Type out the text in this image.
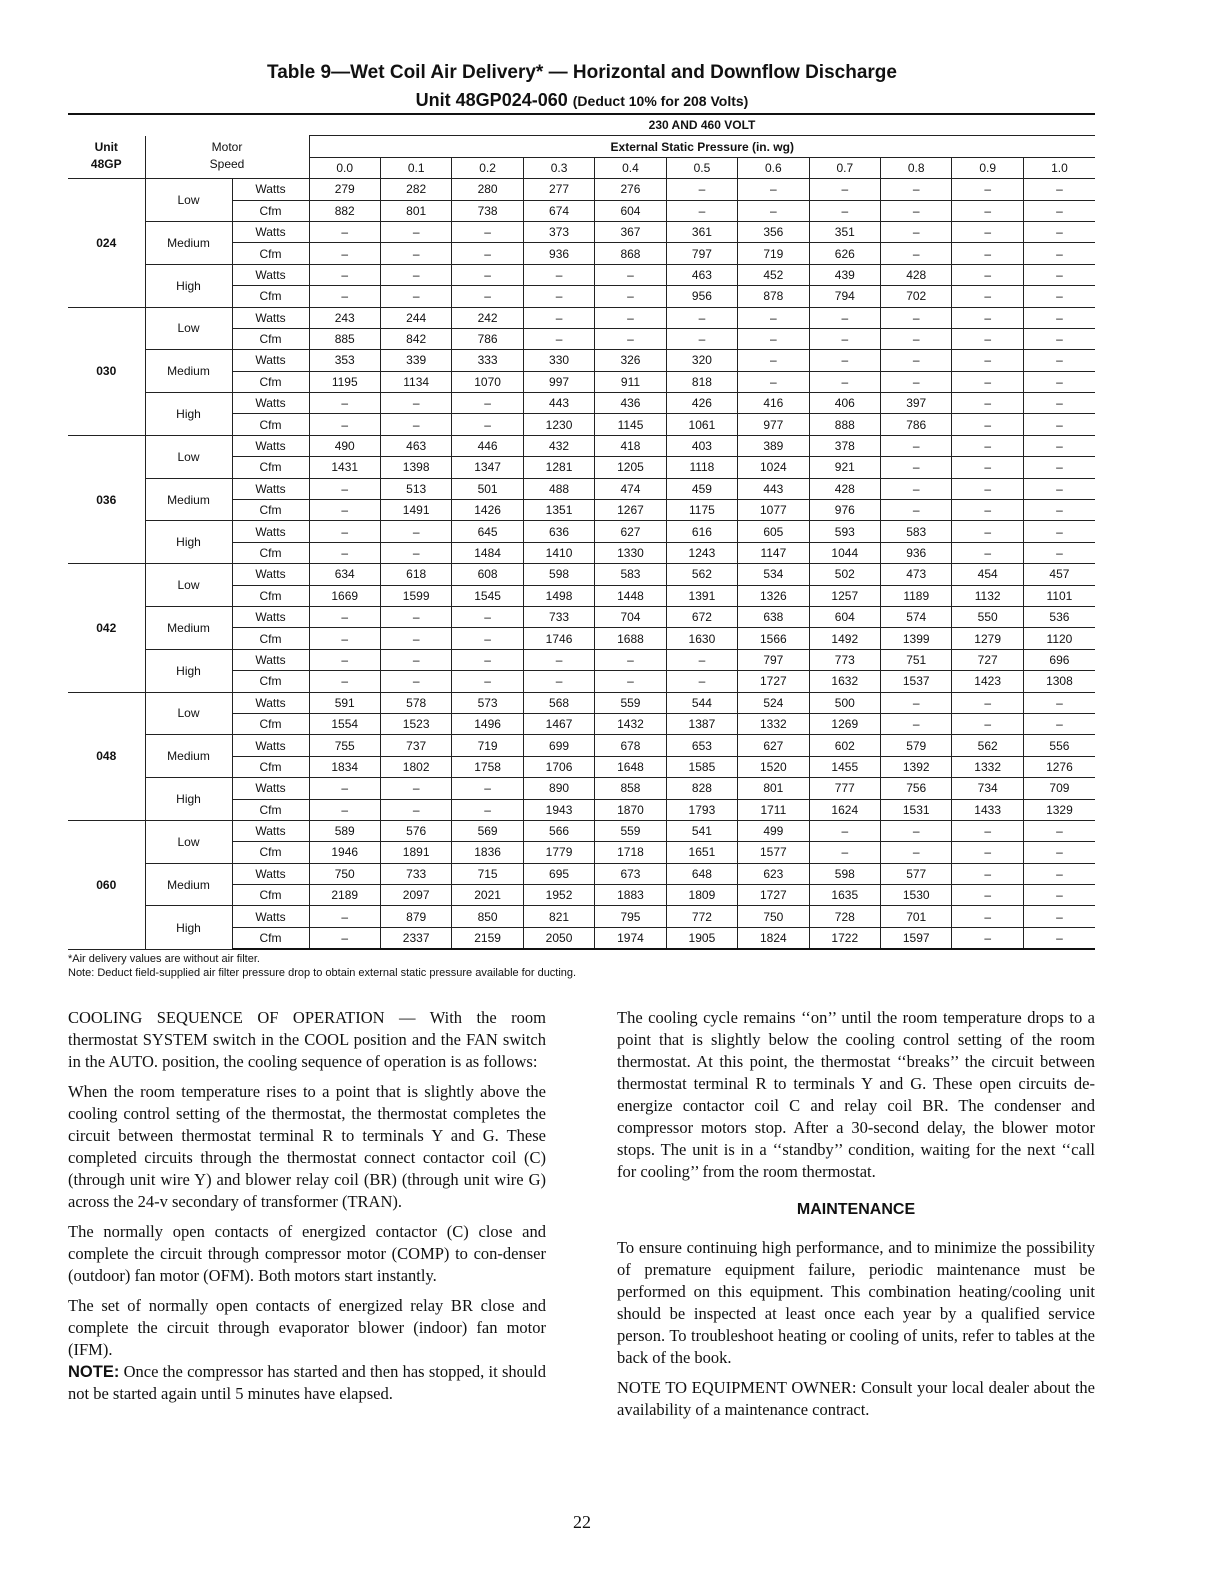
Table 9—Wet Coil Air Delivery* — Horizontal and Downflow Discharge
Unit 48GP024-060 (Deduct 10% for 208 Volts)
			230 AND 460 VOLT										
Unit	Motor		External Static Pressure (in. wg)										
48GP	Speed		0.0	0.1	0.2	0.3	0.4	0.5	0.6	0.7	0.8	0.9	1.0
024	Low	Watts	279	282	280	277	276	–	–	–	–	–	–
		Cfm	882	801	738	674	604	–	–	–	–	–	–
	Medium	Watts	–	–	–	373	367	361	356	351	–	–	–
		Cfm	–	–	–	936	868	797	719	626	–	–	–
	High	Watts	–	–	–	–	–	463	452	439	428	–	–
		Cfm	–	–	–	–	–	956	878	794	702	–	–
030	Low	Watts	243	244	242	–	–	–	–	–	–	–	–
		Cfm	885	842	786	–	–	–	–	–	–	–	–
	Medium	Watts	353	339	333	330	326	320	–	–	–	–	–
		Cfm	1195	1134	1070	997	911	818	–	–	–	–	–
	High	Watts	–	–	–	443	436	426	416	406	397	–	–
		Cfm	–	–	–	1230	1145	1061	977	888	786	–	–
036	Low	Watts	490	463	446	432	418	403	389	378	–	–	–
		Cfm	1431	1398	1347	1281	1205	1118	1024	921	–	–	–
	Medium	Watts	–	513	501	488	474	459	443	428	–	–	–
		Cfm	–	1491	1426	1351	1267	1175	1077	976	–	–	–
	High	Watts	–	–	645	636	627	616	605	593	583	–	–
		Cfm	–	–	1484	1410	1330	1243	1147	1044	936	–	–
042	Low	Watts	634	618	608	598	583	562	534	502	473	454	457
		Cfm	1669	1599	1545	1498	1448	1391	1326	1257	1189	1132	1101
	Medium	Watts	–	–	–	733	704	672	638	604	574	550	536
		Cfm	–	–	–	1746	1688	1630	1566	1492	1399	1279	1120
	High	Watts	–	–	–	–	–	–	797	773	751	727	696
		Cfm	–	–	–	–	–	–	1727	1632	1537	1423	1308
048	Low	Watts	591	578	573	568	559	544	524	500	–	–	–
		Cfm	1554	1523	1496	1467	1432	1387	1332	1269	–	–	–
	Medium	Watts	755	737	719	699	678	653	627	602	579	562	556
		Cfm	1834	1802	1758	1706	1648	1585	1520	1455	1392	1332	1276
	High	Watts	–	–	–	890	858	828	801	777	756	734	709
		Cfm	–	–	–	1943	1870	1793	1711	1624	1531	1433	1329
060	Low	Watts	589	576	569	566	559	541	499	–	–	–	–
		Cfm	1946	1891	1836	1779	1718	1651	1577	–	–	–	–
	Medium	Watts	750	733	715	695	673	648	623	598	577	–	–
		Cfm	2189	2097	2021	1952	1883	1809	1727	1635	1530	–	–
	High	Watts	–	879	850	821	795	772	750	728	701	–	–
		Cfm	–	2337	2159	2050	1974	1905	1824	1722	1597	–	–
*Air delivery values are without air filter.
Note: Deduct field-supplied air filter pressure drop to obtain external static pressure available for ducting.

COOLING SEQUENCE OF OPERATION — With the room thermostat SYSTEM switch in the COOL position and the FAN switch in the AUTO. position, the cooling sequence of operation is as follows:

When the room temperature rises to a point that is slightly above the cooling control setting of the thermostat, the thermostat completes the circuit between thermostat terminal R to terminals Y and G. These completed circuits through the thermostat connect contactor coil (C) (through unit wire Y) and blower relay coil (BR) (through unit wire G) across the 24-v secondary of transformer (TRAN).

The normally open contacts of energized contactor (C) close and complete the circuit through compressor motor (COMP) to con-denser (outdoor) fan motor (OFM). Both motors start instantly.

The set of normally open contacts of energized relay BR close and complete the circuit through evaporator blower (indoor) fan motor (IFM).

NOTE: Once the compressor has started and then has stopped, it should not be started again until 5 minutes have elapsed.

The cooling cycle remains ‘‘on’’ until the room temperature drops to a point that is slightly below the cooling control setting of the room thermostat. At this point, the thermostat ‘‘breaks’’ the circuit between thermostat terminal R to terminals Y and G. These open circuits de-energize contactor coil C and relay coil BR. The condenser and compressor motors stop. After a 30-second delay, the blower motor stops. The unit is in a ‘‘standby’’ condition, waiting for the next ‘‘call for cooling’’ from the room thermostat.

MAINTENANCE

To ensure continuing high performance, and to minimize the possibility of premature equipment failure, periodic maintenance must be performed on this equipment. This combination heating/cooling unit should be inspected at least once each year by a qualified service person. To troubleshoot heating or cooling of units, refer to tables at the back of the book.

NOTE TO EQUIPMENT OWNER: Consult your local dealer about the availability of a maintenance contract.

22
